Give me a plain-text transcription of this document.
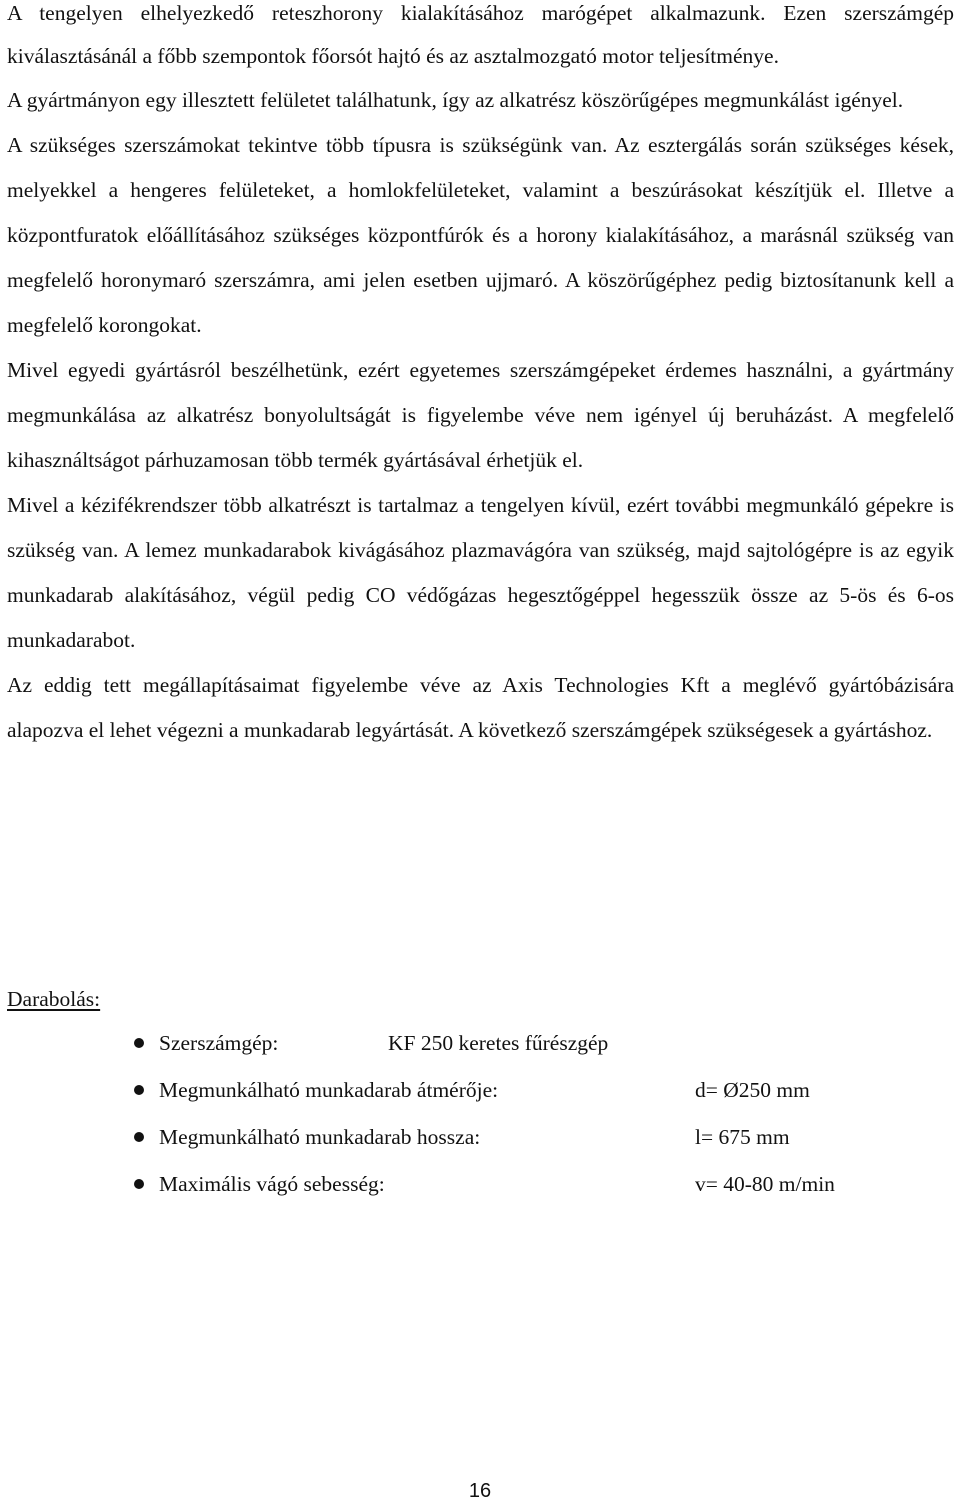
A tengelyen elhelyezkedő reteszhorony kialakításához marógépet alkalmazunk. Ezen szerszámgép kiválasztásánál a főbb szempontok főorsót hajtó és az asztalmozgató motor teljesítménye.

A gyártmányon egy illesztett felületet találhatunk, így az alkatrész köszörűgépes megmunkálást igényel.

A szükséges szerszámokat tekintve több típusra is szükségünk van. Az esztergálás során szükséges kések, melyekkel a hengeres felületeket, a homlokfelületeket, valamint a beszúrásokat készítjük el. Illetve a központfuratok előállításához szükséges központfúrók és a horony kialakításához, a marásnál szükség van megfelelő horonymaró szerszámra, ami jelen esetben ujjmaró. A köszörűgéphez pedig biztosítanunk kell a megfelelő korongokat.

Mivel egyedi gyártásról beszélhetünk, ezért egyetemes szerszámgépeket érdemes használni, a gyártmány megmunkálása az alkatrész bonyolultságát is figyelembe véve nem igényel új beruházást. A megfelelő kihasználtságot párhuzamosan több termék gyártásával érhetjük el.

Mivel a kézifékrendszer több alkatrészt is tartalmaz a tengelyen kívül, ezért további megmunkáló gépekre is szükség van. A lemez munkadarabok kivágásához plazmavágóra van szükség, majd sajtológépre is az egyik munkadarab alakításához, végül pedig CO védőgázas hegesztőgéppel hegesszük össze az 5-ös és 6-os munkadarabot.

Az eddig tett megállapításaimat figyelembe véve az Axis Technologies Kft a meglévő gyártóbázisára alapozva el lehet végezni a munkadarab legyártását. A következő szerszámgépek szükségesek a gyártáshoz.

Darabolás:
Szerszámgép:	KF 250 keretes fűrészgép
Megmunkálható munkadarab átmérője:	d= Ø250 mm
Megmunkálható munkadarab hossza:	l= 675 mm
Maximális vágó sebesség:	v= 40-80 m/min
16
